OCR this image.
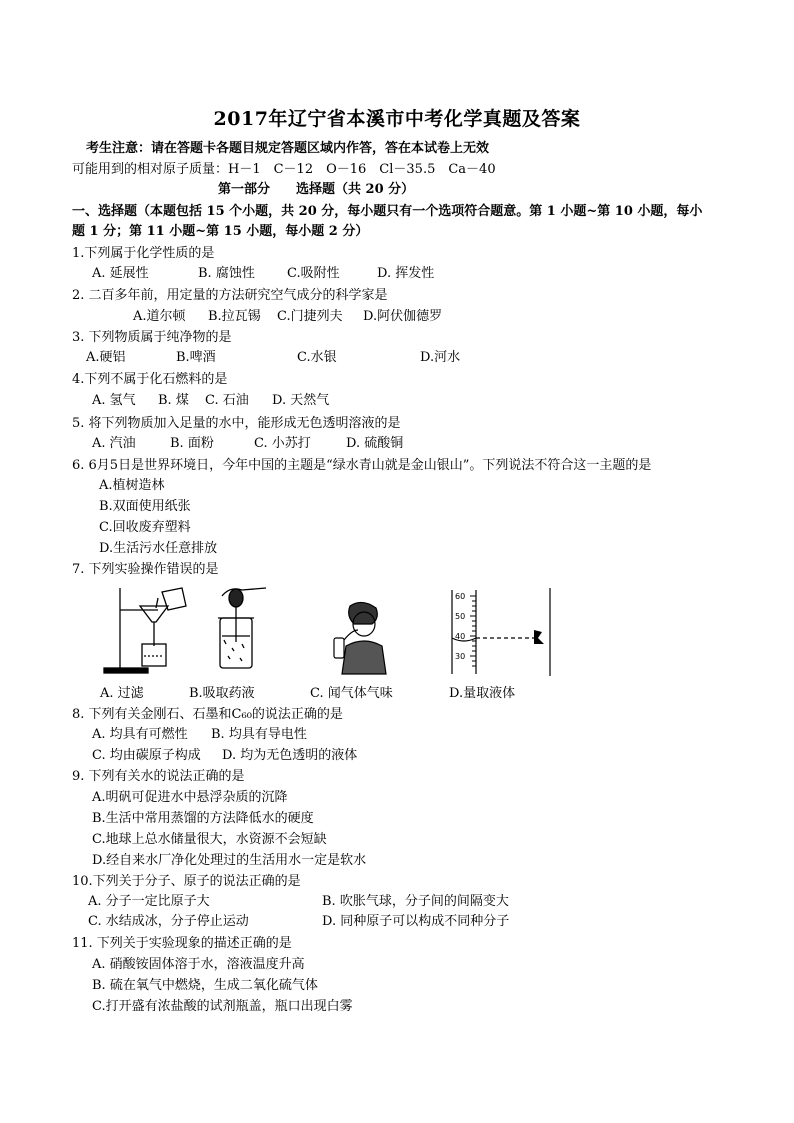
2017年辽宁省本溪市中考化学真题及答案
考生注意：请在答题卡各题目规定答题区域内作答，答在本试卷上无效
可能用到的相对原子质量：H－1　C－12　O－16　Cl－35.5　Ca－40
第一部分　　选择题（共 20 分）
一、选择题（本题包括 15 个小题，共 20 分，每小题只有一个选项符合题意。第 1 小题~第 10 小题，每小
题 1 分；第 11 小题~第 15 小题，每小题 2 分）
1.下列属于化学性质的是
A. 延展性	B. 腐蚀性 C.吸附性	D. 挥发性
2. 二百多年前，用定量的方法研究空气成分的科学家是
A.道尔顿 B.拉瓦锡 C.门捷列夫 D.阿伏伽德罗
3. 下列物质属于纯净物的是
A.硬铝	B.啤酒	C.水银	D.河水
4.下列不属于化石燃料的是
A. 氢气 B. 煤 C. 石油 D. 天然气
5. 将下列物质加入足量的水中，能形成无色透明溶液的是
A. 汽油	B. 面粉	C. 小苏打	D. 硫酸铜
6. 6月5日是世界环境日，今年中国的主题是“绿水青山就是金山银山”。下列说法不符合这一主题的是
A.植树造林
B.双面使用纸张
C.回收废弃塑料
D.生活污水任意排放
7. 下列实验操作错误的是
60
50
40
30
A. 过滤	B.吸取药液	C. 闻气体气味	D.量取液体
8. 下列有关金刚石、石墨和C₆₀的说法正确的是
A. 均具有可燃性 B. 均具有导电性
C. 均由碳原子构成 D. 均为无色透明的液体
9. 下列有关水的说法正确的是
A.明矾可促进水中悬浮杂质的沉降
B.生活中常用蒸馏的方法降低水的硬度
C.地球上总水储量很大，水资源不会短缺
D.经自来水厂净化处理过的生活用水一定是软水
10.下列关于分子、原子的说法正确的是
A. 分子一定比原子大	B. 吹胀气球，分子间的间隔变大
C. 水结成冰，分子停止运动	D. 同种原子可以构成不同种分子
11. 下列关于实验现象的描述正确的是
A. 硝酸铵固体溶于水，溶液温度升高
B. 硫在氧气中燃烧，生成二氧化硫气体
C.打开盛有浓盐酸的试剂瓶盖，瓶口出现白雾
